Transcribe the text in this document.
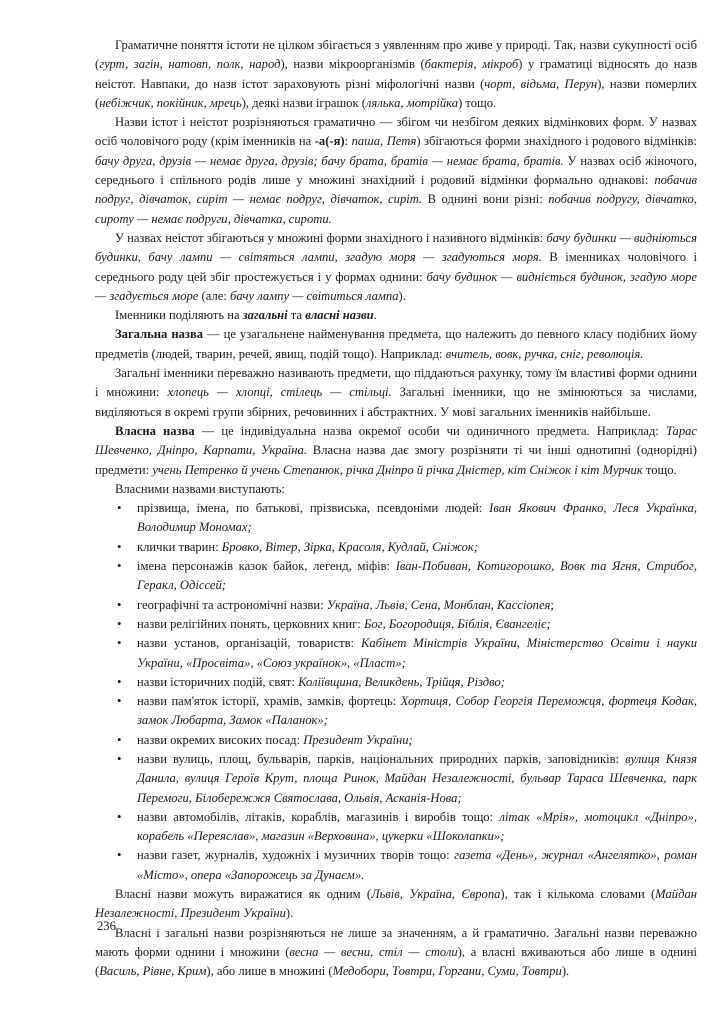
Граматичне поняття істоти не цілком збігається з уявленням про живе у природі. Так, назви сукупності осіб (гурт, загін, натовп, полк, народ), назви мікроорганізмів (бактерія, мікроб) у граматиці відносять до назв неістот. Навпаки, до назв істот зараховують різні міфологічні назви (чорт, відьма, Перун), назви померлих (небіжчик, покійник, мрець), деякі назви іграшок (лялька, мотрійка) тощо.

Назви істот і неістот розрізняються граматично — збігом чи незбігом деяких відмінкових форм. У назвах осіб чоловічого роду (крім іменників на -а(-я): паша, Петя) збігаються форми знахідного і родового відмінків: бачу друга, друзів — немає друга, друзів; бачу брата, братів — немає брата, братів. У назвах осіб жіночого, середнього і спільного родів лише у множині знахідний і родовий відмінки формально однакові: побачив подруг, дівчаток, сиріт — немає подруг, дівчаток, сиріт. В однині вони різні: побачив подругу, дівчатко, сироту — немає подруги, дівчатка, сироти.

У назвах неістот збігаються у множині форми знахідного і називного відмінків: бачу будинки — видніються будинки, бачу лампи — світяться лампи, згадую моря — згадуються моря. В іменниках чоловічого і середнього роду цей збіг простежується і у формах однини: бачу будинок — видніється будинок, згадую море — згадується море (але: бачу лампу — світиться лампа).

Іменники поділяють на загальні та власні назви.

Загальна назва — це узагальнене найменування предмета, що належить до певного класу подібних йому предметів (людей, тварин, речей, явищ, подій тощо). Наприклад: вчитель, вовк, ручка, сніг, революція.

Загальні іменники переважно називають предмети, що піддаються рахунку, тому їм властиві форми однини і множини: хлопець — хлопці, стілець — стільці. Загальні іменники, що не змінюються за числами, виділяються в окремі групи збірних, речовинних і абстрактних. У мові загальних іменників найбільше.

Власна назва — це індивідуальна назва окремої особи чи одиничного предмета. Наприклад: Тарас Шевченко, Дніпро, Карпати, Україна. Власна назва дає змогу розрізняти ті чи інші однотипні (однорідні) предмети: учень Петренко й учень Степанюк, річка Дніпро й річка Дністер, кіт Сніжок і кіт Мурчик тощо.

Власними назвами виступають:

• прізвища, імена, по батькові, прізвиська, псевдоніми людей: Іван Якович Франко, Леся Українка, Володимир Мономах;
• клички тварин: Бровко, Вітер, Зірка, Красоля, Кудлай, Сніжок;
• імена персонажів казок байок, легенд, міфів: Іван-Побиван, Котигорошко, Вовк та Ягня, Стрибог, Геракл, Одіссей;
• географічні та астрономічні назви: Україна, Львів, Сена, Монблан, Кассіопея;
• назви релігійних понять, церковних книг: Бог, Богородиця, Біблія, Євангеліє;
• назви установ, організацій, товариств: Кабінет Міністрів України, Міністерство Освіти і науки України, «Просвіта», «Союз українок», «Пласт»;
• назви історичних подій, свят: Коліївщина, Великдень, Трійця, Різдво;
• назви пам'яток історії, храмів, замків, фортець: Хортиця, Собор Георгія Переможця, фортеця Кодак, замок Любарта, Замок «Паланок»;
• назви окремих високих посад: Президент України;
• назви вулиць, площ, бульварів, парків, національних природних парків, заповідників: вулиця Князя Данила, вулиця Героїв Крут, площа Ринок, Майдан Незалежності, бульвар Тараса Шевченка, парк Перемоги, Білобережжя Святослава, Ольвія, Асканія-Нова;
• назви автомобілів, літаків, кораблів, магазинів і виробів тощо: літак «Мрія», мотоцикл «Дніпро», корабель «Переяслав», магазин «Верховина», цукерки «Шоколапки»;
• назви газет, журналів, художніх і музичних творів тощо: газета «День», журнал «Ангелятко», роман «Місто», опера «Запорожець за Дунаєм».

Власні назви можуть виражатися як одним (Львів, Україна, Європа), так і кількома словами (Майдан Незалежності, Президент України).

Власні і загальні назви розрізняються не лише за значенням, а й граматично. Загальні назви переважно мають форми однини і множини (весна — весни, стіл — столи), а власні вживаються або лише в однині (Василь, Рівне, Крим), або лише в множині (Медобори, Товтри, Горгани, Суми, Товтри).

236
